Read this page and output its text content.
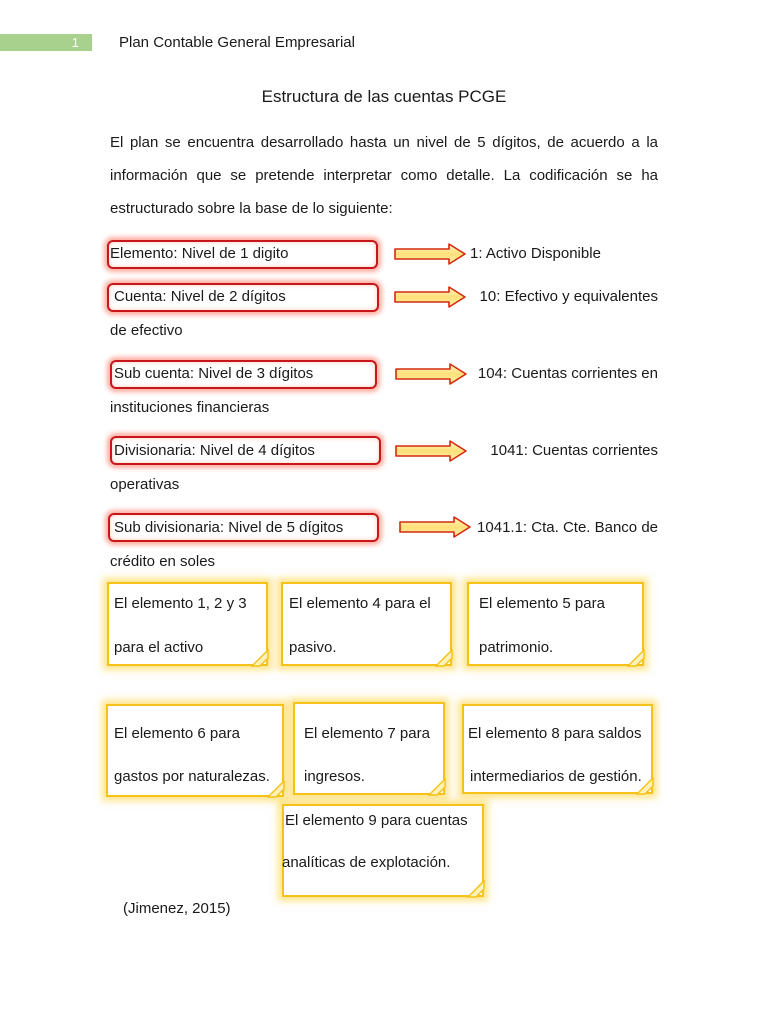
1	Plan Contable General Empresarial
Estructura de las cuentas PCGE

El plan se encuentra desarrollado hasta un nivel de 5 dígitos, de acuerdo a la información que se pretende interpretar como detalle. La codificación se ha estructurado sobre la base de lo siguiente:

Elemento: Nivel de 1 digito	1: Activo Disponible
Cuenta: Nivel de 2 dígitos	10: Efectivo y equivalentes
de efectivo
Sub cuenta: Nivel de 3 dígitos	104: Cuentas corrientes en
instituciones financieras
Divisionaria: Nivel de 4 dígitos	1041: Cuentas corrientes
operativas
Sub divisionaria: Nivel de 5 dígitos	1041.1: Cta. Cte. Banco de
crédito en soles
El elemento 1, 2 y 3
para el activo
El elemento 4 para el
pasivo.
El elemento 5 para
patrimonio.
El elemento 6 para
gastos por naturalezas.
El elemento 7 para
ingresos.
El elemento 8 para saldos
intermediarios de gestión.
El elemento 9 para cuentas
analíticas de explotación.
(Jimenez, 2015)
